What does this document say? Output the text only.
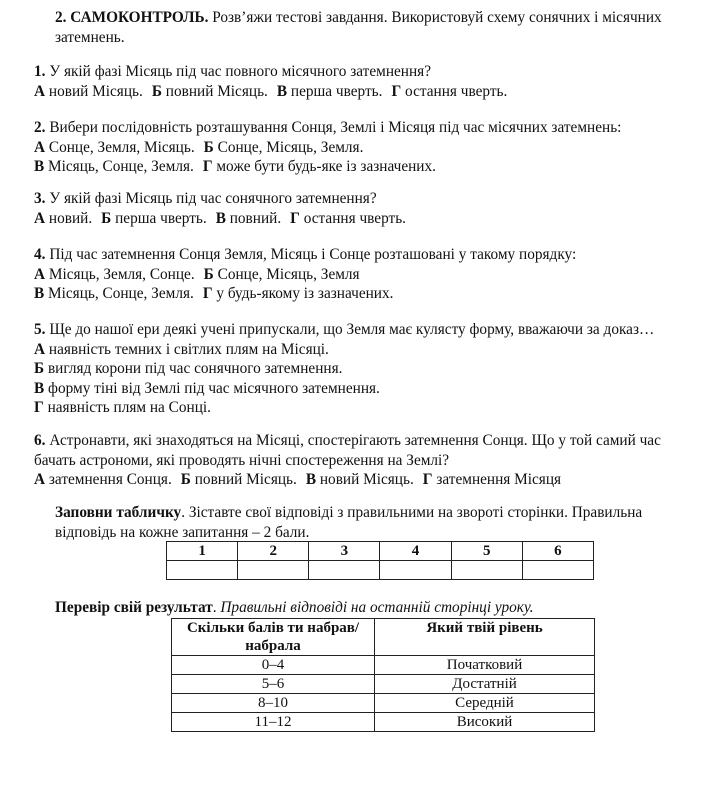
2. САМОКОНТРОЛЬ. Розв’яжи тестові завдання. Використовуй схему сонячних і місячних затемнень.
1. У якій фазі Місяць під час повного місячного затемнення?
А новий Місяць. Б повний Місяць. В перша чверть. Г остання чверть.
2. Вибери послідовність розташування Сонця, Землі і Місяця під час місячних затемнень:
А Сонце, Земля, Місяць. Б Сонце, Місяць, Земля.
В Місяць, Сонце, Земля. Г може бути будь-яке із зазначених.
3. У якій фазі Місяць під час сонячного затемнення?
А новий. Б перша чверть. В повний. Г остання чверть.
4. Під час затемнення Сонця Земля, Місяць і Сонце розташовані у такому порядку:
А Місяць, Земля, Сонце. Б Сонце, Місяць, Земля
В Місяць, Сонце, Земля. Г у будь-якому із зазначених.
5. Ще до нашої ери деякі учені припускали, що Земля має кулясту форму, вважаючи за доказ…
А наявність темних і світлих плям на Місяці.
Б вигляд корони під час сонячного затемнення.
В форму тіні від Землі під час місячного затемнення.
Г наявність плям на Сонці.
6. Астронавти, які знаходяться на Місяці, спостерігають затемнення Сонця. Що у той самий час бачать астрономи, які проводять нічні спостереження на Землі?
А затемнення Сонця. Б повний Місяць. В новий Місяць. Г затемнення Місяця
Заповни табличку. Зіставте свої відповіді з правильними на звороті сторінки. Правильна відповідь на кожне запитання – 2 бали.
1	2	3	4	5	6

Перевір свій результат. Правильні відповіді на останній сторінці уроку.
Скільки балів ти набрав/набрала	Який твій рівень
0–4	Початковий
5–6	Достатній
8–10	Середній
11–12	Високий
